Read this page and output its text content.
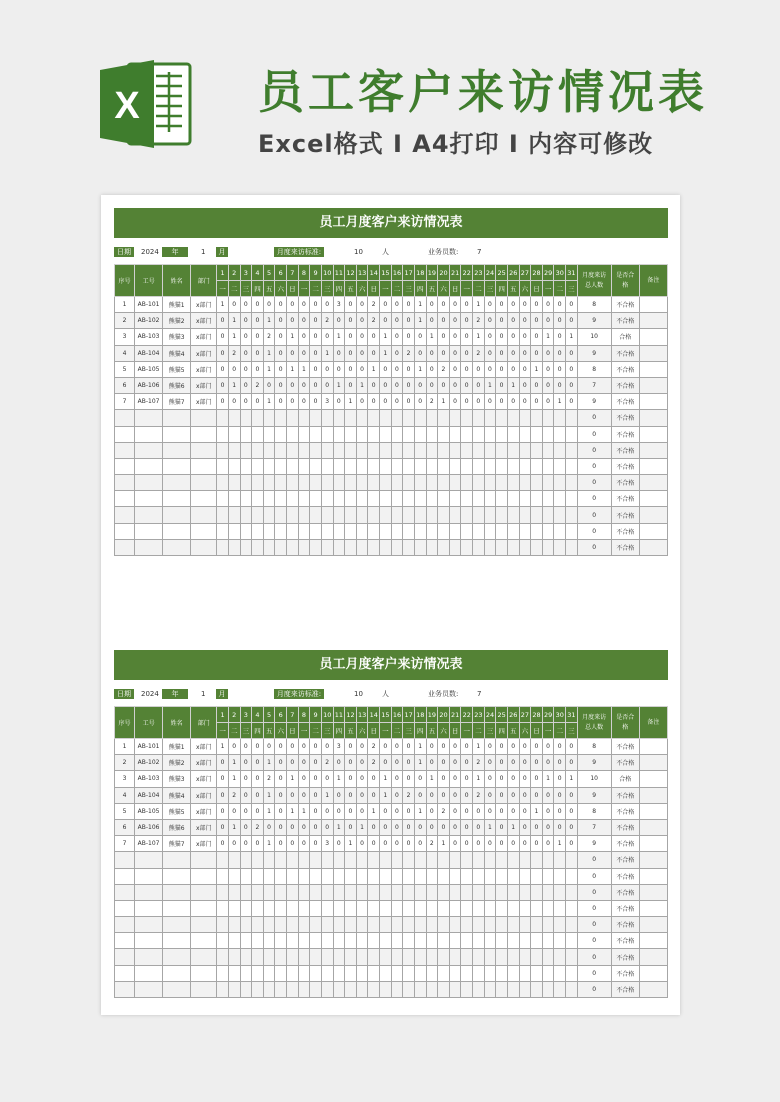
X	员工客户来访情况表
Excel格式 I A4打印 I 内容可修改
员工月度客户来访情况表
日期	2024	年	1	月	月度来访标准:	10	人	业务员数:	7
序号	工号	姓名	部门	1	2	3	4	5	6	7	8	9	10	11	12	13	14	15	16	17	18	19	20	21	22	23	24	25	26	27	28	29	30	31	月度来访总人数	是否合格	备注
				一	二	三	四	五	六	日	一	二	三	四	五	六	日	一	二	三	四	五	六	日	一	二	三	四	五	六	日	一	二	三			
1	AB-101	熊猫1	x部门	1	0	0	0	0	0	0	0	0	0	3	0	0	2	0	0	0	1	0	0	0	0	1	0	0	0	0	0	0	0	0	8	不合格	
2	AB-102	熊猫2	x部门	0	1	0	0	1	0	0	0	0	2	0	0	0	2	0	0	0	1	0	0	0	0	2	0	0	0	0	0	0	0	0	9	不合格	
3	AB-103	熊猫3	x部门	0	1	0	0	2	0	1	0	0	0	1	0	0	0	1	0	0	0	1	0	0	0	1	0	0	0	0	0	1	0	1	10	合格	
4	AB-104	熊猫4	x部门	0	2	0	0	1	0	0	0	0	1	0	0	0	0	1	0	2	0	0	0	0	0	2	0	0	0	0	0	0	0	0	9	不合格	
5	AB-105	熊猫5	x部门	0	0	0	0	1	0	1	1	0	0	0	0	0	1	0	0	0	1	0	2	0	0	0	0	0	0	0	1	0	0	0	8	不合格	
6	AB-106	熊猫6	x部门	0	1	0	2	0	0	0	0	0	0	1	0	1	0	0	0	0	0	0	0	0	0	0	1	0	1	0	0	0	0	0	7	不合格	
7	AB-107	熊猫7	x部门	0	0	0	0	1	0	0	0	0	3	0	1	0	0	0	0	0	0	2	1	0	0	0	0	0	0	0	0	0	1	0	9	不合格	
																																			0	不合格	
																																			0	不合格	
																																			0	不合格	
																																			0	不合格	
																																			0	不合格	
																																			0	不合格	
																																			0	不合格	
																																			0	不合格	
																																			0	不合格	
员工月度客户来访情况表
日期	2024	年	1	月	月度来访标准:	10	人	业务员数:	7
序号	工号	姓名	部门	1	2	3	4	5	6	7	8	9	10	11	12	13	14	15	16	17	18	19	20	21	22	23	24	25	26	27	28	29	30	31	月度来访总人数	是否合格	备注
				一	二	三	四	五	六	日	一	二	三	四	五	六	日	一	二	三	四	五	六	日	一	二	三	四	五	六	日	一	二	三			
1	AB-101	熊猫1	x部门	1	0	0	0	0	0	0	0	0	0	3	0	0	2	0	0	0	1	0	0	0	0	1	0	0	0	0	0	0	0	0	8	不合格	
2	AB-102	熊猫2	x部门	0	1	0	0	1	0	0	0	0	2	0	0	0	2	0	0	0	1	0	0	0	0	2	0	0	0	0	0	0	0	0	9	不合格	
3	AB-103	熊猫3	x部门	0	1	0	0	2	0	1	0	0	0	1	0	0	0	1	0	0	0	1	0	0	0	1	0	0	0	0	0	1	0	1	10	合格	
4	AB-104	熊猫4	x部门	0	2	0	0	1	0	0	0	0	1	0	0	0	0	1	0	2	0	0	0	0	0	2	0	0	0	0	0	0	0	0	9	不合格	
5	AB-105	熊猫5	x部门	0	0	0	0	1	0	1	1	0	0	0	0	0	1	0	0	0	1	0	2	0	0	0	0	0	0	0	1	0	0	0	8	不合格	
6	AB-106	熊猫6	x部门	0	1	0	2	0	0	0	0	0	0	1	0	1	0	0	0	0	0	0	0	0	0	0	1	0	1	0	0	0	0	0	7	不合格	
7	AB-107	熊猫7	x部门	0	0	0	0	1	0	0	0	0	3	0	1	0	0	0	0	0	0	2	1	0	0	0	0	0	0	0	0	0	1	0	9	不合格	
																																			0	不合格	
																																			0	不合格	
																																			0	不合格	
																																			0	不合格	
																																			0	不合格	
																																			0	不合格	
																																			0	不合格	
																																			0	不合格	
																																			0	不合格	
